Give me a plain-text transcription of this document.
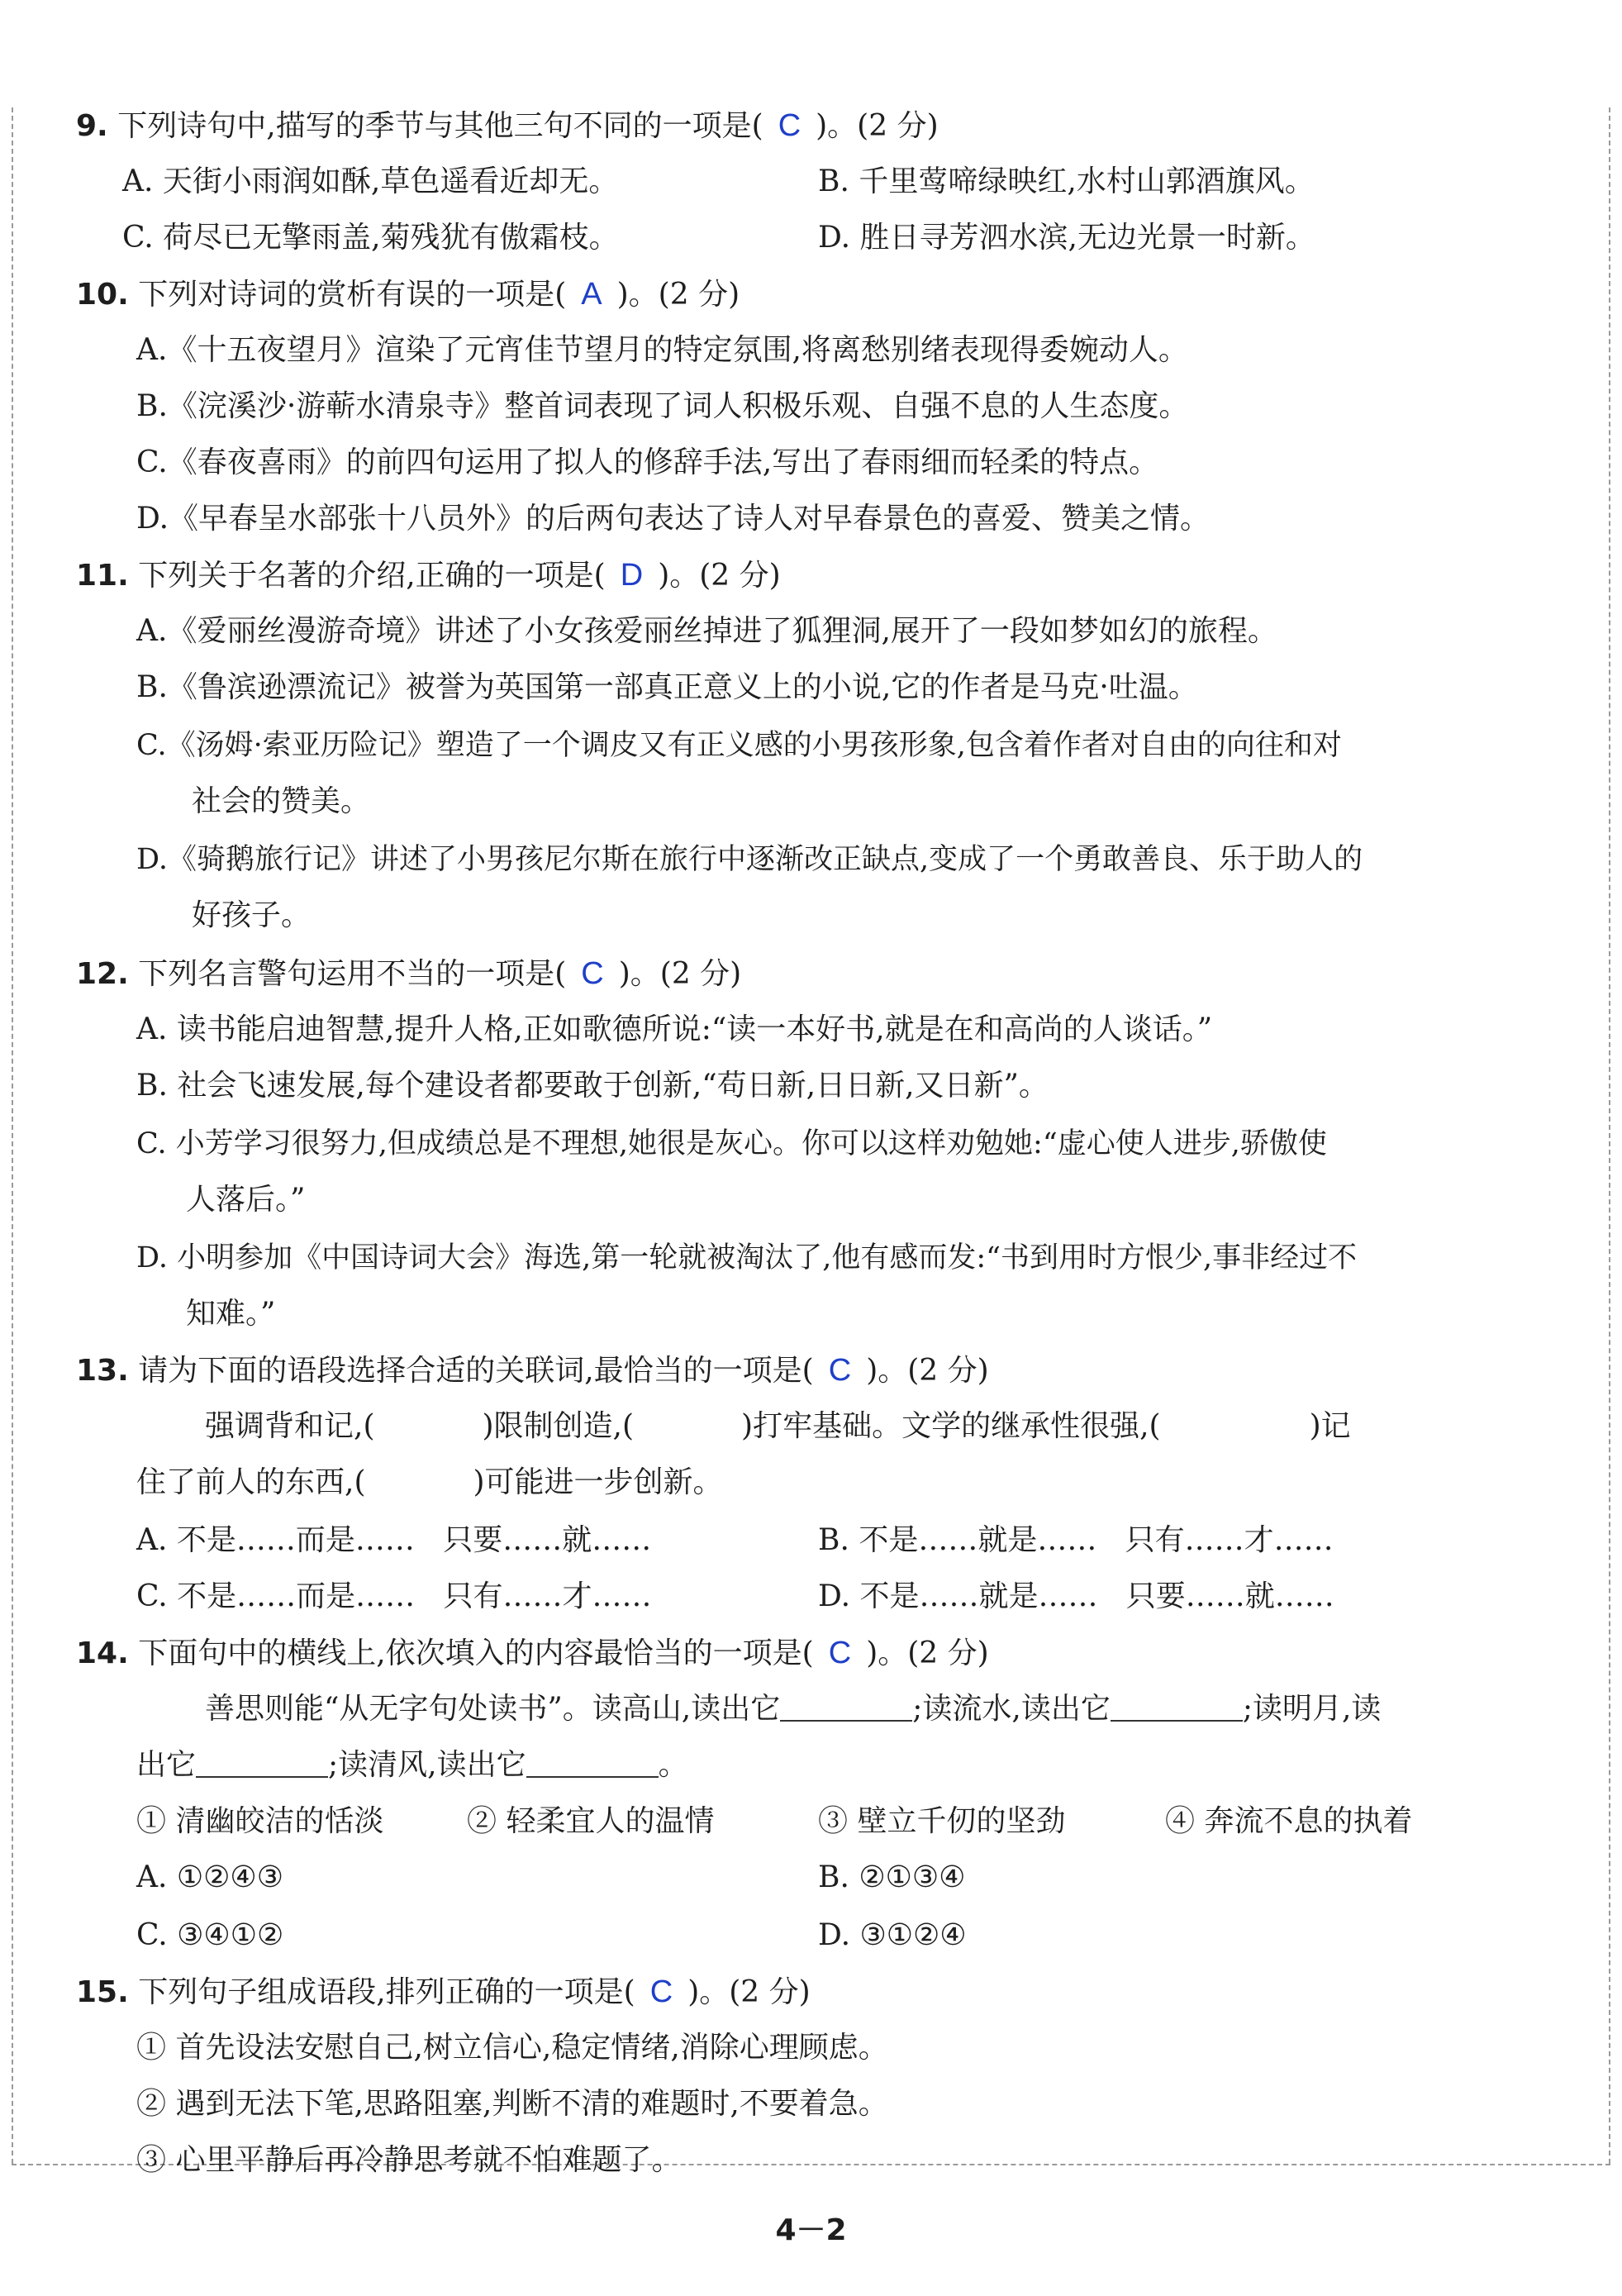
9. 下列诗句中,描写的季节与其他三句不同的一项是( C )。(2 分)
A. 天街小雨润如酥,草色遥看近却无。	B. 千里莺啼绿映红,水村山郭酒旗风。
C. 荷尽已无擎雨盖,菊残犹有傲霜枝。	D. 胜日寻芳泗水滨,无边光景一时新。
10. 下列对诗词的赏析有误的一项是( A )。(2 分)
A.《十五夜望月》渲染了元宵佳节望月的特定氛围,将离愁别绪表现得委婉动人。
B.《浣溪沙·游蕲水清泉寺》整首词表现了词人积极乐观、自强不息的人生态度。
C.《春夜喜雨》的前四句运用了拟人的修辞手法,写出了春雨细而轻柔的特点。
D.《早春呈水部张十八员外》的后两句表达了诗人对早春景色的喜爱、赞美之情。
11. 下列关于名著的介绍,正确的一项是( D )。(2 分)
A.《爱丽丝漫游奇境》讲述了小女孩爱丽丝掉进了狐狸洞,展开了一段如梦如幻的旅程。
B.《鲁滨逊漂流记》被誉为英国第一部真正意义上的小说,它的作者是马克·吐温。
C.《汤姆·索亚历险记》塑造了一个调皮又有正义感的小男孩形象,包含着作者对自由的向往和对
社会的赞美。
D.《骑鹅旅行记》讲述了小男孩尼尔斯在旅行中逐渐改正缺点,变成了一个勇敢善良、乐于助人的
好孩子。
12. 下列名言警句运用不当的一项是( C )。(2 分)
A. 读书能启迪智慧,提升人格,正如歌德所说:“读一本好书,就是在和高尚的人谈话。”
B. 社会飞速发展,每个建设者都要敢于创新,“苟日新,日日新,又日新”。
C. 小芳学习很努力,但成绩总是不理想,她很是灰心。你可以这样劝勉她:“虚心使人进步,骄傲使
人落后。”
D. 小明参加《中国诗词大会》海选,第一轮就被淘汰了,他有感而发:“书到用时方恨少,事非经过不
知难。”
13. 请为下面的语段选择合适的关联词,最恰当的一项是( C )。(2 分)
强调背和记,(	)限制创造,(	)打牢基础。文学的继承性很强,(	)记
住了前人的东西,(	)可能进一步创新。
A. 不是……而是……   只要……就……	B. 不是……就是……   只有……才……
C. 不是……而是……   只有……才……	D. 不是……就是……   只要……就……
14. 下面句中的横线上,依次填入的内容最恰当的一项是( C )。(2 分)
善思则能“从无字句处读书”。读高山,读出它	;读流水,读出它	;读明月,读
出它	;读清风,读出它	。
① 清幽皎洁的恬淡	② 轻柔宜人的温情	③ 壁立千仞的坚劲	④ 奔流不息的执着
A. ①②④③	B. ②①③④
C. ③④①②	D. ③①②④
15. 下列句子组成语段,排列正确的一项是( C )。(2 分)
① 首先设法安慰自己,树立信心,稳定情绪,消除心理顾虑。
② 遇到无法下笔,思路阻塞,判断不清的难题时,不要着急。
③ 心里平静后再冷静思考就不怕难题了。
4－2
